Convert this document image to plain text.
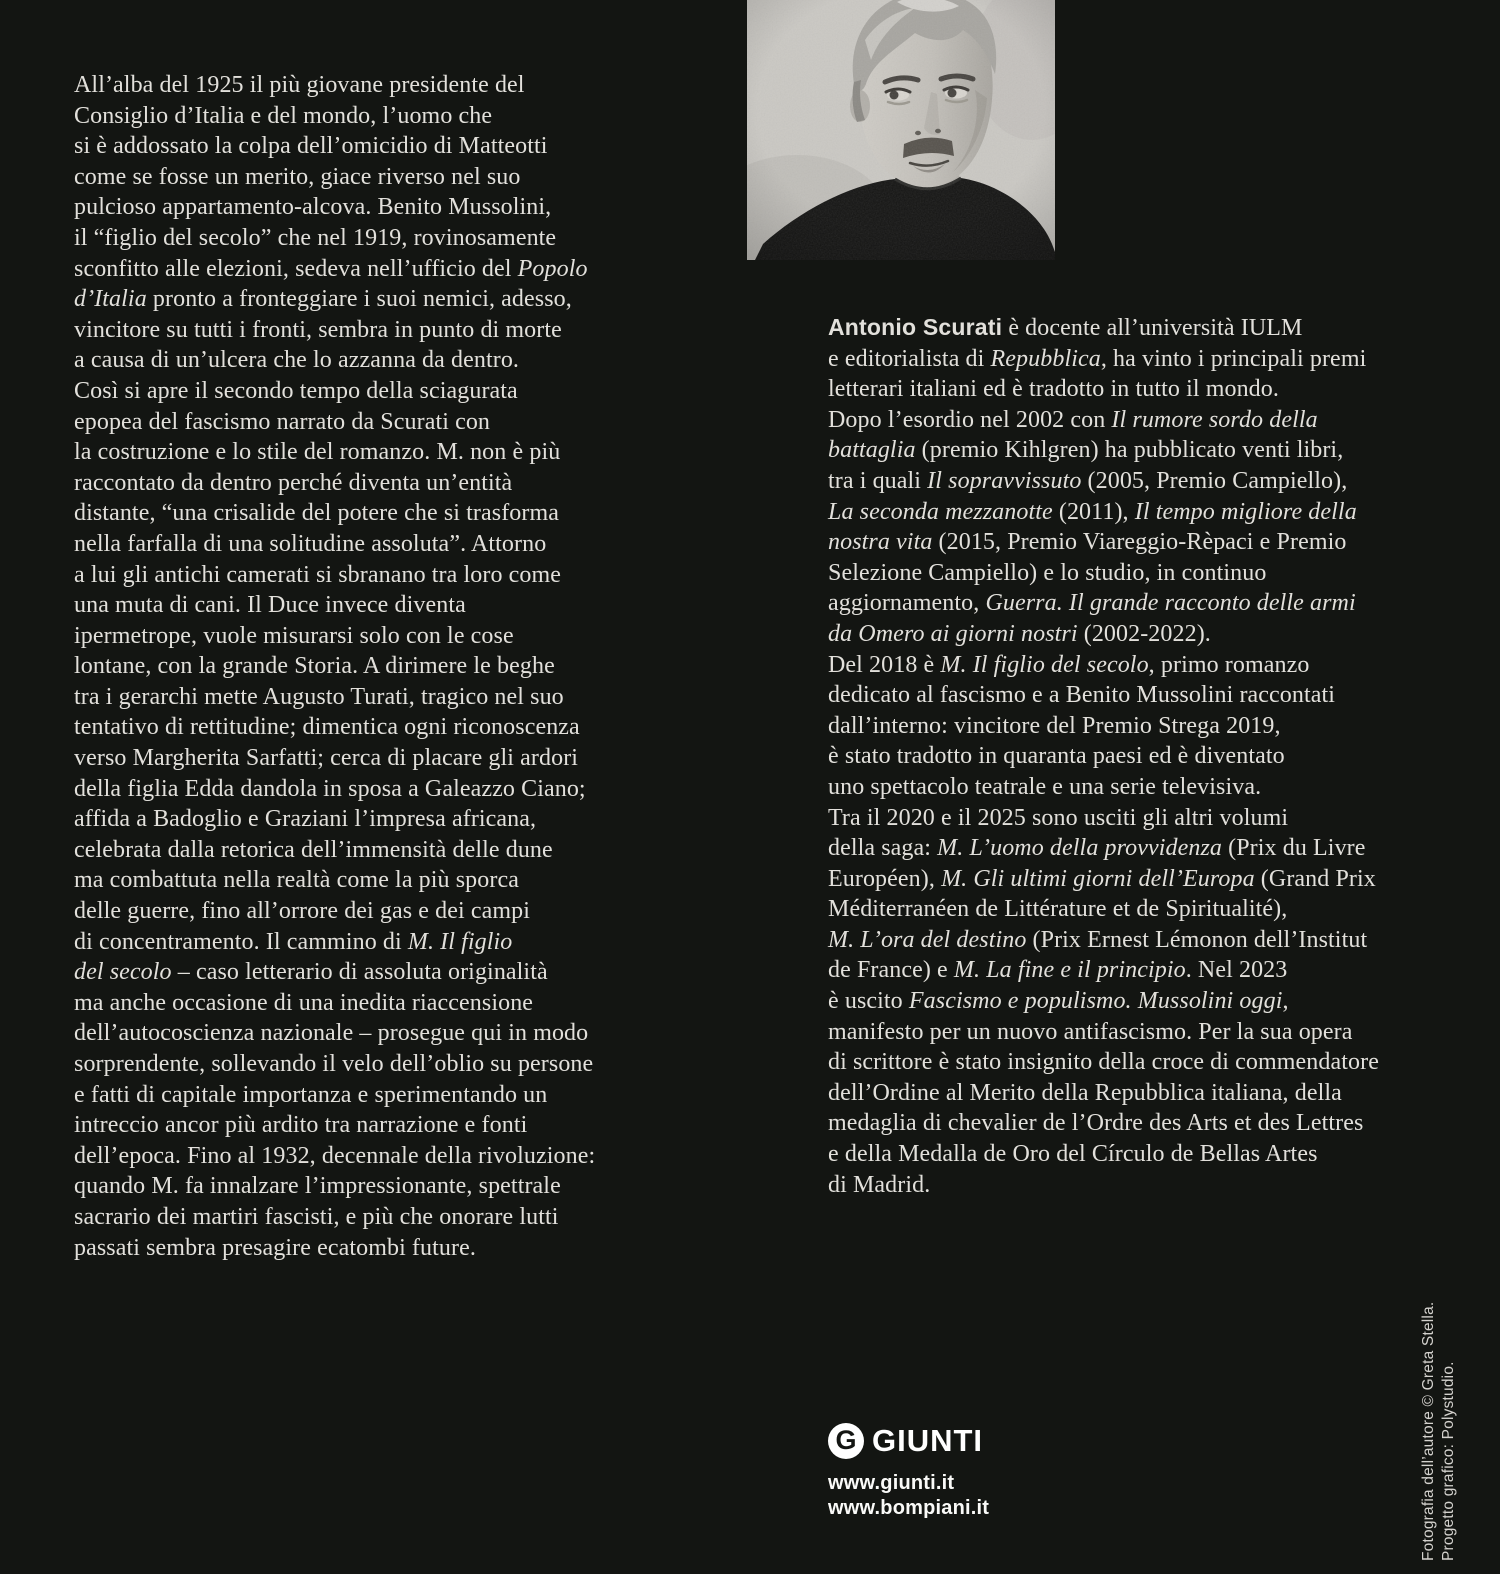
All’alba del 1925 il più giovane presidente del
Consiglio d’Italia e del mondo, l’uomo che
si è addossato la colpa dell’omicidio di Matteotti
come se fosse un merito, giace riverso nel suo
pulcioso appartamento-alcova. Benito Mussolini,
il “figlio del secolo” che nel 1919, rovinosamente
sconfitto alle elezioni, sedeva nell’ufficio del Popolo
d’Italia pronto a fronteggiare i suoi nemici, adesso,
vincitore su tutti i fronti, sembra in punto di morte
a causa di un’ulcera che lo azzanna da dentro.
Così si apre il secondo tempo della sciagurata
epopea del fascismo narrato da Scurati con
la costruzione e lo stile del romanzo. M. non è più
raccontato da dentro perché diventa un’entità
distante, “una crisalide del potere che si trasforma
nella farfalla di una solitudine assoluta”. Attorno
a lui gli antichi camerati si sbranano tra loro come
una muta di cani. Il Duce invece diventa
ipermetrope, vuole misurarsi solo con le cose
lontane, con la grande Storia. A dirimere le beghe
tra i gerarchi mette Augusto Turati, tragico nel suo
tentativo di rettitudine; dimentica ogni riconoscenza
verso Margherita Sarfatti; cerca di placare gli ardori
della figlia Edda dandola in sposa a Galeazzo Ciano;
affida a Badoglio e Graziani l’impresa africana,
celebrata dalla retorica dell’immensità delle dune
ma combattuta nella realtà come la più sporca
delle guerre, fino all’orrore dei gas e dei campi
di concentramento. Il cammino di M. Il figlio
del secolo – caso letterario di assoluta originalità
ma anche occasione di una inedita riaccensione
dell’autocoscienza nazionale – prosegue qui in modo
sorprendente, sollevando il velo dell’oblio su persone
e fatti di capitale importanza e sperimentando un
intreccio ancor più ardito tra narrazione e fonti
dell’epoca. Fino al 1932, decennale della rivoluzione:
quando M. fa innalzare l’impressionante, spettrale
sacrario dei martiri fascisti, e più che onorare lutti
passati sembra presagire ecatombi future.
Antonio Scurati è docente all’università IULM
e editorialista di Repubblica, ha vinto i principali premi
letterari italiani ed è tradotto in tutto il mondo.
Dopo l’esordio nel 2002 con Il rumore sordo della
battaglia (premio Kihlgren) ha pubblicato venti libri,
tra i quali Il sopravvissuto (2005, Premio Campiello),
La seconda mezzanotte (2011), Il tempo migliore della
nostra vita (2015, Premio Viareggio-Rèpaci e Premio
Selezione Campiello) e lo studio, in continuo
aggiornamento, Guerra. Il grande racconto delle armi
da Omero ai giorni nostri (2002-2022).
Del 2018 è M. Il figlio del secolo, primo romanzo
dedicato al fascismo e a Benito Mussolini raccontati
dall’interno: vincitore del Premio Strega 2019,
è stato tradotto in quaranta paesi ed è diventato
uno spettacolo teatrale e una serie televisiva.
Tra il 2020 e il 2025 sono usciti gli altri volumi
della saga: M. L’uomo della provvidenza (Prix du Livre
Européen), M. Gli ultimi giorni dell’Europa (Grand Prix
Méditerranéen de Littérature et de Spiritualité),
M. L’ora del destino (Prix Ernest Lémonon dell’Institut
de France) e M. La fine e il principio. Nel 2023
è uscito Fascismo e populismo. Mussolini oggi,
manifesto per un nuovo antifascismo. Per la sua opera
di scrittore è stato insignito della croce di commendatore
dell’Ordine al Merito della Repubblica italiana, della
medaglia di chevalier de l’Ordre des Arts et des Lettres
e della Medalla de Oro del Círculo de Bellas Artes
di Madrid.
G GIUNTI
www.giunti.it
www.bompiani.it	Fotografia dell’autore © Greta Stella. Progetto grafico: Polystudio.
